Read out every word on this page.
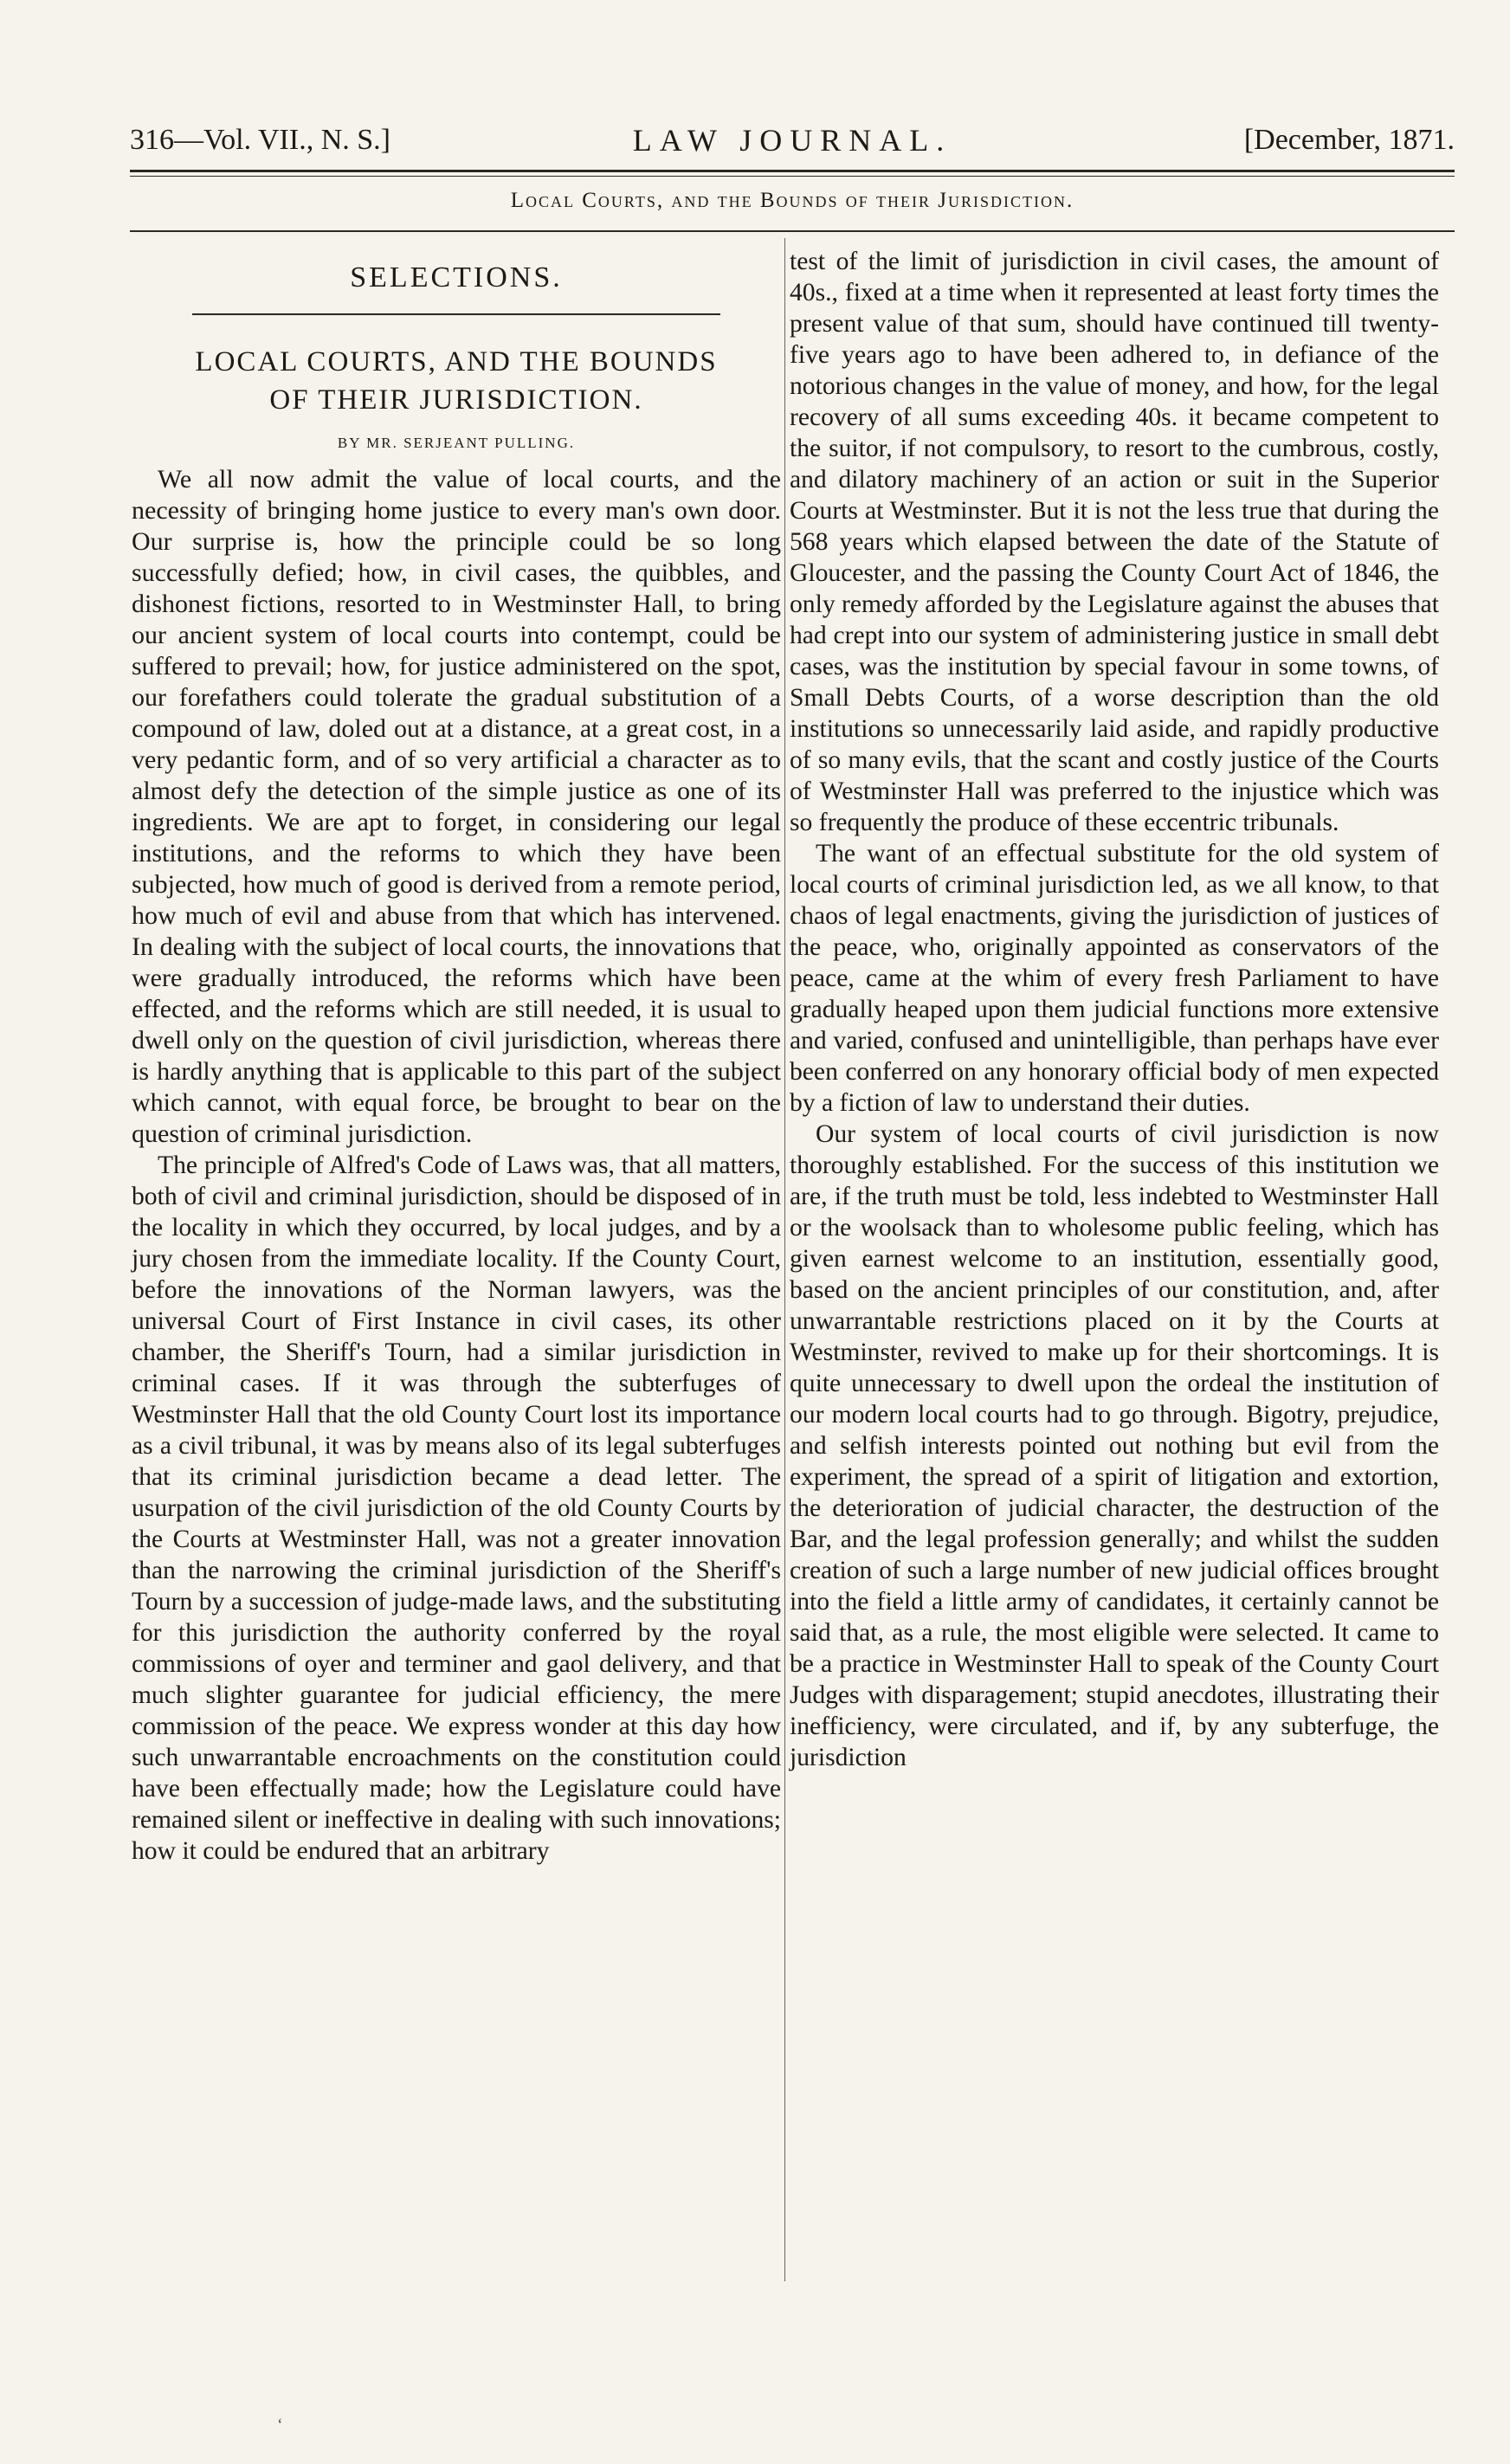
316—Vol. VII., N. S.]	LAW JOURNAL.	[December, 1871.
Local Courts, and the Bounds of their Jurisdiction.
SELECTIONS.
LOCAL COURTS, AND THE BOUNDS
OF THEIR JURISDICTION.
BY MR. SERJEANT PULLING.

We all now admit the value of local courts, and the necessity of bringing home justice to every man's own door. Our surprise is, how the principle could be so long successfully defied; how, in civil cases, the quibbles, and dishonest fictions, resorted to in Westminster Hall, to bring our ancient system of local courts into contempt, could be suffered to prevail; how, for justice administered on the spot, our forefathers could tolerate the gradual substitution of a compound of law, doled out at a distance, at a great cost, in a very pedantic form, and of so very artificial a character as to almost defy the detection of the simple justice as one of its ingredients. We are apt to forget, in considering our legal institutions, and the reforms to which they have been subjected, how much of good is derived from a remote period, how much of evil and abuse from that which has intervened. In dealing with the subject of local courts, the innovations that were gradually introduced, the reforms which have been effected, and the reforms which are still needed, it is usual to dwell only on the question of civil jurisdiction, whereas there is hardly anything that is applicable to this part of the subject which cannot, with equal force, be brought to bear on the question of criminal jurisdiction.

The principle of Alfred's Code of Laws was, that all matters, both of civil and criminal jurisdiction, should be disposed of in the locality in which they occurred, by local judges, and by a jury chosen from the immediate locality. If the County Court, before the innovations of the Norman lawyers, was the universal Court of First Instance in civil cases, its other chamber, the Sheriff's Tourn, had a similar jurisdiction in criminal cases. If it was through the subterfuges of Westminster Hall that the old County Court lost its importance as a civil tribunal, it was by means also of its legal subterfuges that its criminal jurisdiction became a dead letter. The usurpation of the civil jurisdiction of the old County Courts by the Courts at Westminster Hall, was not a greater innovation than the narrowing the criminal jurisdiction of the Sheriff's Tourn by a succession of judge-made laws, and the substituting for this jurisdiction the authority conferred by the royal commissions of oyer and terminer and gaol delivery, and that much slighter guarantee for judicial efficiency, the mere commission of the peace. We express wonder at this day how such unwarrantable encroachments on the constitution could have been effectually made; how the Legislature could have remained silent or ineffective in dealing with such innovations; how it could be endured that an arbitrary

test of the limit of jurisdiction in civil cases, the amount of 40s., fixed at a time when it represented at least forty times the present value of that sum, should have continued till twenty-five years ago to have been adhered to, in defiance of the notorious changes in the value of money, and how, for the legal recovery of all sums exceeding 40s. it became competent to the suitor, if not compulsory, to resort to the cumbrous, costly, and dilatory machinery of an action or suit in the Superior Courts at Westminster. But it is not the less true that during the 568 years which elapsed between the date of the Statute of Gloucester, and the passing the County Court Act of 1846, the only remedy afforded by the Legislature against the abuses that had crept into our system of administering justice in small debt cases, was the institution by special favour in some towns, of Small Debts Courts, of a worse description than the old institutions so unnecessarily laid aside, and rapidly productive of so many evils, that the scant and costly justice of the Courts of Westminster Hall was preferred to the injustice which was so frequently the produce of these eccentric tribunals.

The want of an effectual substitute for the old system of local courts of criminal jurisdiction led, as we all know, to that chaos of legal enactments, giving the jurisdiction of justices of the peace, who, originally appointed as conservators of the peace, came at the whim of every fresh Parliament to have gradually heaped upon them judicial functions more extensive and varied, confused and unintelligible, than perhaps have ever been conferred on any honorary official body of men expected by a fiction of law to understand their duties.

Our system of local courts of civil jurisdiction is now thoroughly established. For the success of this institution we are, if the truth must be told, less indebted to Westminster Hall or the woolsack than to wholesome public feeling, which has given earnest welcome to an institution, essentially good, based on the ancient principles of our constitution, and, after unwarrantable restrictions placed on it by the Courts at Westminster, revived to make up for their shortcomings. It is quite unnecessary to dwell upon the ordeal the institution of our modern local courts had to go through. Bigotry, prejudice, and selfish interests pointed out nothing but evil from the experiment, the spread of a spirit of litigation and extortion, the deterioration of judicial character, the destruction of the Bar, and the legal profession generally; and whilst the sudden creation of such a large number of new judicial offices brought into the field a little army of candidates, it certainly cannot be said that, as a rule, the most eligible were selected. It came to be a practice in Westminster Hall to speak of the County Court Judges with disparagement; stupid anecdotes, illustrating their inefficiency, were circulated, and if, by any subterfuge, the jurisdiction

‘
